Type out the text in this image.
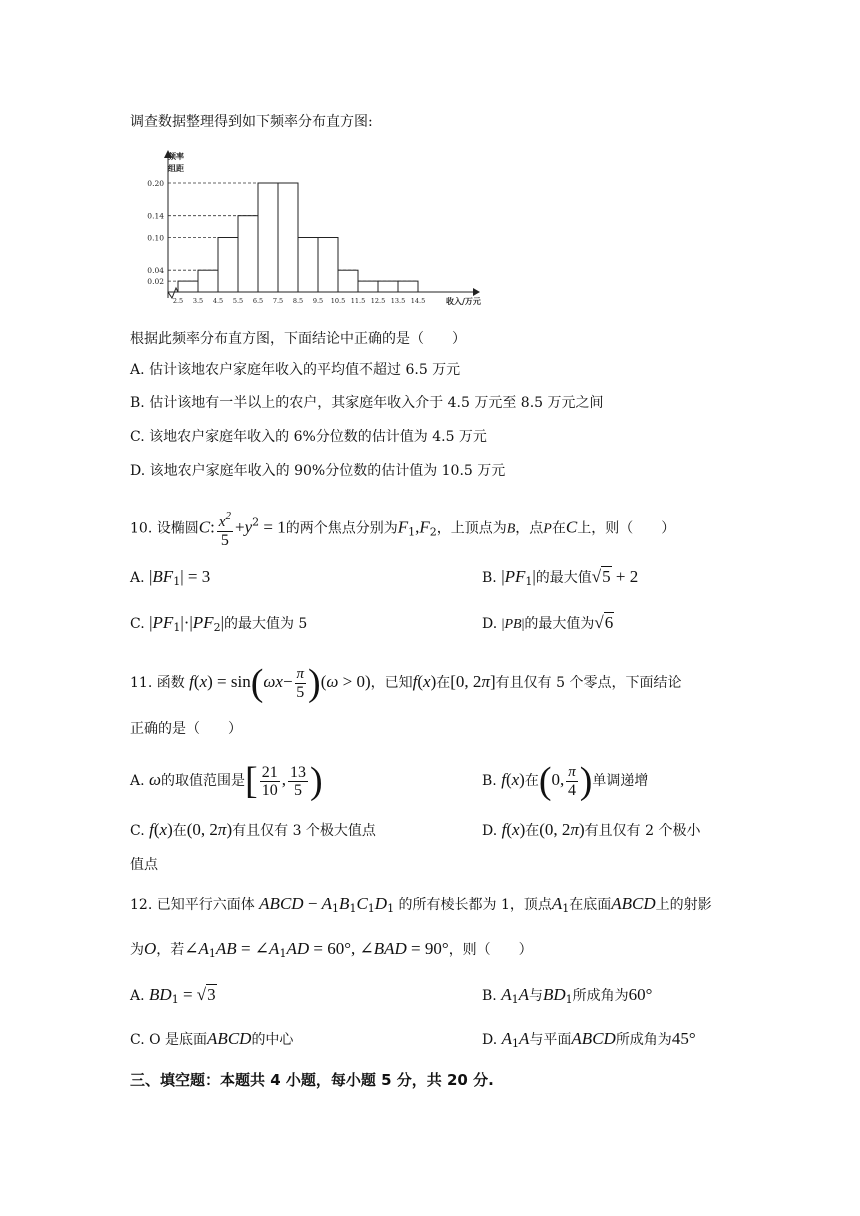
调查数据整理得到如下频率分布直方图:
0.02
0.04
0.10
0.14
0.20
2.5 3.5 4.5 5.5 6.5 7.5 8.5 9.5 10.5 11.5 12.5 13.5 14.5
频率
组距
收入/万元
根据此频率分布直方图，下面结论中正确的是（　　）
A. 估计该地农户家庭年收入的平均值不超过 6.5 万元
B. 估计该地有一半以上的农户，其家庭年收入介于 4.5 万元至 8.5 万元之间
C. 该地农户家庭年收入的 6%分位数的估计值为 4.5 万元
D. 该地农户家庭年收入的 90%分位数的估计值为 10.5 万元
10. 设椭圆C: $\frac{x^2}{5} +y^2 = 1$的两个焦点分别为$F_1,F_2$，上顶点为B，点P在C上，则（　　）
A. $|BF_1| = 3$	B. $|PF_1|$的最大值√5 + 2
C. $|PF_1|\cdot|PF_2|$的最大值为 5	D. |PB|的最大值为√6
11. 函数 $f(x) = \sin(\omega x- \frac{\pi}{5} )(\omega > 0)$，已知f(x)在[0, 2π]有且仅有 5 个零点，下面结论
正确的是（　　）
A. ω的取值范围是[ $\frac{21}{10}$ , $\frac{13}{5}$ )	B. f(x)在(0, $\frac{\pi}{4}$ )单调递增
C. f(x)在(0, 2π)有且仅有 3 个极大值点	D. f(x)在(0, 2π)有且仅有 2 个极小
值点
12. 已知平行六面体 ABCD − $A_1B_1C_1D_1$ 的所有棱长都为 1，顶点$A_1$在底面ABCD上的射影
为O，若$\angle A_1AB$ = $\angle A_1AD = 60^\circ$, ∠BAD = 90°，则（　　）
A. $BD_1 = √3$	B. $A_1A$与$BD_1$所成角为60°
C. O 是底面ABCD的中心	D. $A_1A$与平面ABCD所成角为45°
三、填空题：本题共 4 小题，每小题 5 分，共 20 分.
